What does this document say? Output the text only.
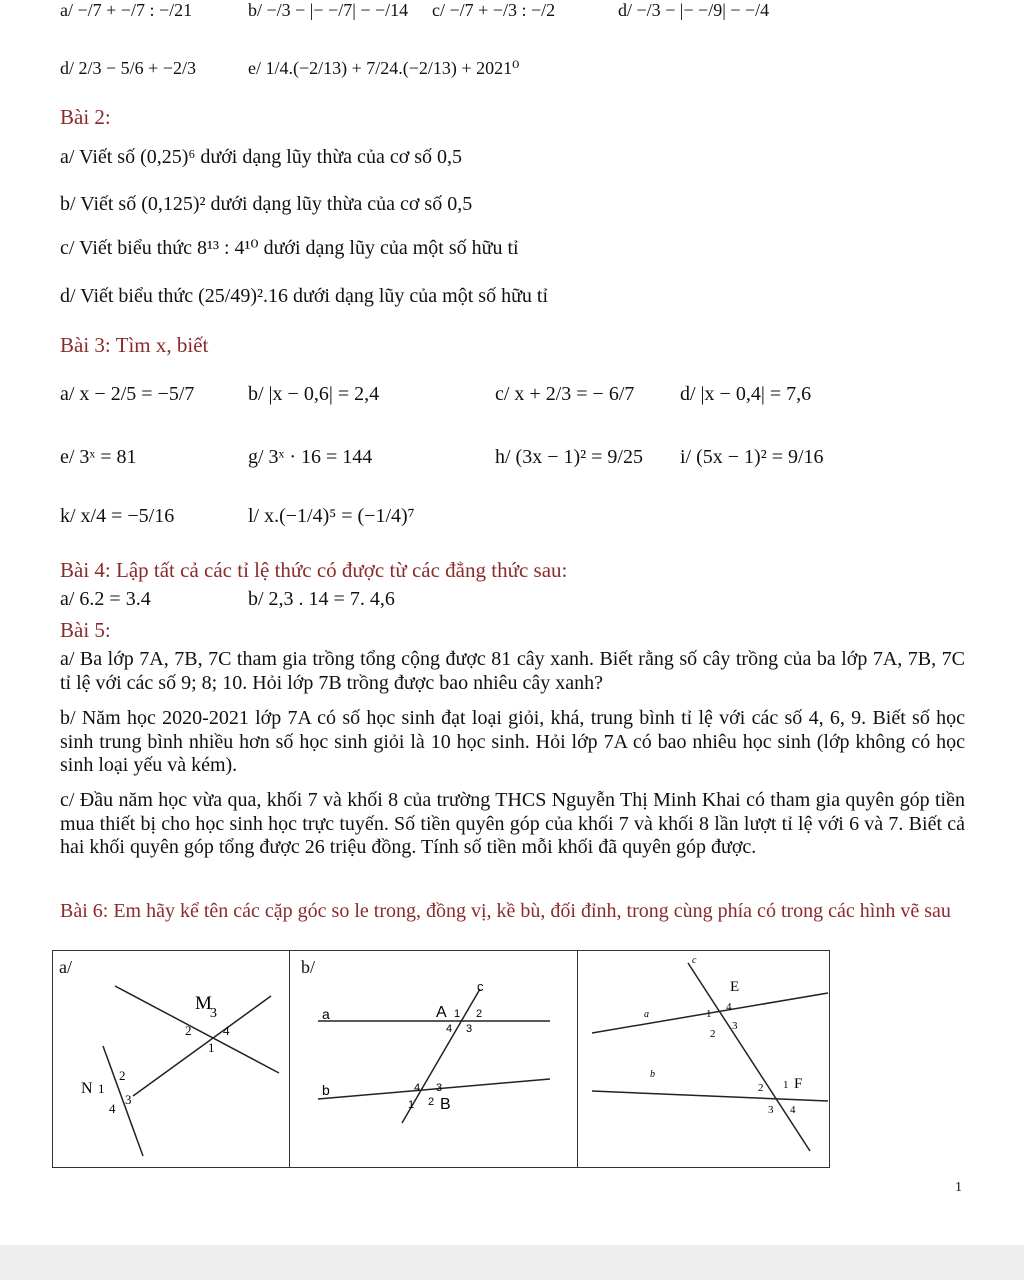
a/ −/7 + −/7 : −/21	b/ −/3 − |− −/7| − −/14 c/ −/7 + −/3 : −/2	d/ −/3 − |− −/9| − −/4
d/ 2/3 − 5/6 + −2/3	e/ 1/4.(−2/13) + 7/24.(−2/13) + 2021⁰
Bài 2:
a/ Viết số (0,25)⁶ dưới dạng lũy thừa của cơ số 0,5
b/ Viết số (0,125)² dưới dạng lũy thừa của cơ số 0,5
c/ Viết biểu thức 8¹³ : 4¹⁰ dưới dạng lũy của một số hữu tỉ
d/ Viết biểu thức (25/49)².16 dưới dạng lũy của một số hữu tỉ
Bài 3: Tìm x, biết
a/ x − 2/5 = −5/7	b/ |x − 0,6| = 2,4	c/ x + 2/3 = − 6/7 d/ |x − 0,4| = 7,6
e/ 3ˣ = 81	g/ 3ˣ · 16 = 144	h/ (3x − 1)² = 9/25 i/ (5x − 1)² = 9/16
k/ x/4 = −5/16	l/ x.(−1/4)⁵ = (−1/4)⁷
Bài 4: Lập tất cả các tỉ lệ thức có được từ các đẳng thức sau:
a/ 6.2 = 3.4	b/ 2,3 . 14 = 7. 4,6
Bài 5:
a/ Ba lớp 7A, 7B, 7C tham gia trồng tổng cộng được 81 cây xanh. Biết rằng số cây trồng của ba lớp 7A, 7B, 7C tỉ lệ với các số 9; 8; 10. Hỏi lớp 7B trồng được bao nhiêu cây xanh?
b/ Năm học 2020-2021 lớp 7A có số học sinh đạt loại giỏi, khá, trung bình tỉ lệ với các số 4, 6, 9. Biết số học sinh trung bình nhiều hơn số học sinh giỏi là 10 học sinh. Hỏi lớp 7A có bao nhiêu học sinh (lớp không có học sinh loại yếu và kém).
c/ Đầu năm học vừa qua, khối 7 và khối 8 của trường THCS Nguyễn Thị Minh Khai có tham gia quyên góp tiền mua thiết bị cho học sinh học trực tuyến. Số tiền quyên góp của khối 7 và khối 8 lần lượt tỉ lệ với 6 và 7. Biết cả hai khối quyên góp tổng được 26 triệu đồng. Tính số tiền mỗi khối đã quyên góp được.
Bài 6: Em hãy kể tên các cặp góc so le trong, đồng vị, kề bù, đối đỉnh, trong cùng phía có trong các hình vẽ sau
a/	b/
M
3
2 4
1
N 1
2
3
4
a
b
c
A 1 2
3
4
B
1 2
3
4
c
a
b
E
1
4
2
3
F
1
2
3 4
1
